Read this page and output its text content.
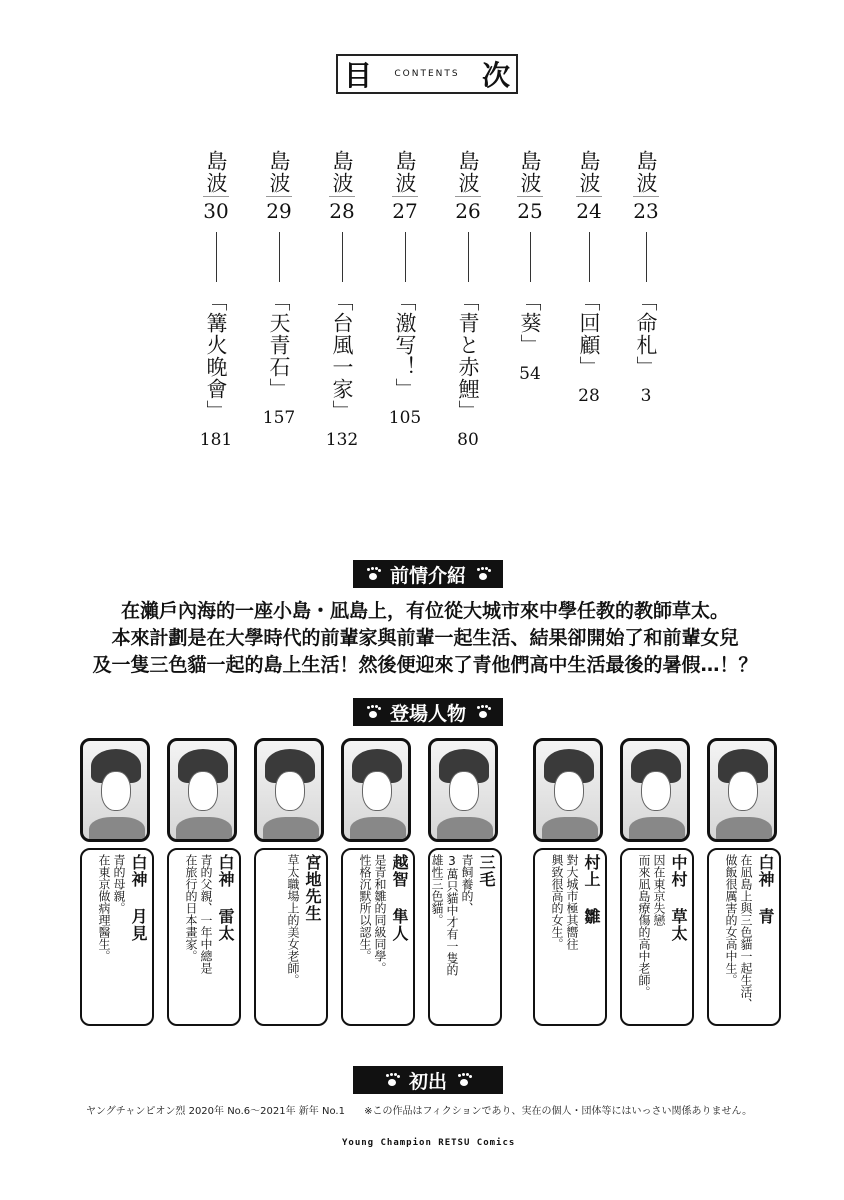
目 CONTENTS 次
島波
30
「篝火晚會」
181
島波
29
「天青石」
157
島波
28
「台風一家」
132
島波
27
「激写！」
105
島波
26
「青と赤鯉」
80
島波
25
「葵」
54
島波
24
「回顧」
28
島波
23
「命札」
3
前情介紹
在瀨戶內海的一座小島・凪島上，有位從大城市來中學任教的教師草太。
本來計劃是在大學時代的前輩家與前輩一起生活、結果卻開始了和前輩女兒
及一隻三色貓一起的島上生活！然後便迎來了青他們高中生活最後的暑假…！？
登場人物
白神 月見
青的母親。
在東京做病理醫生。	白神 雷太
青的父親、一年中總是
在旅行的日本畫家。	宮地先生
草太職場上的美女老師。	越智 隼人
是青和雛的同級同學。
性格沉默所以認生。	三毛
青飼養的、
3萬只貓中才有一隻的
雄性三色貓。	村上 雛
對大城市極其嚮往
興致很高的女生。	中村 草太
因在東京失戀
而來凪島療傷的高中老師。	白神 青
在凪島上與三色貓一起生活、
做飯很厲害的女高中生。
初出
ヤングチャンピオン烈 2020年 No.6〜2021年 新年 No.1 ※この作品はフィクションであり、実在の個人・団体等にはいっさい関係ありません。
Young Champion RETSU Comics
